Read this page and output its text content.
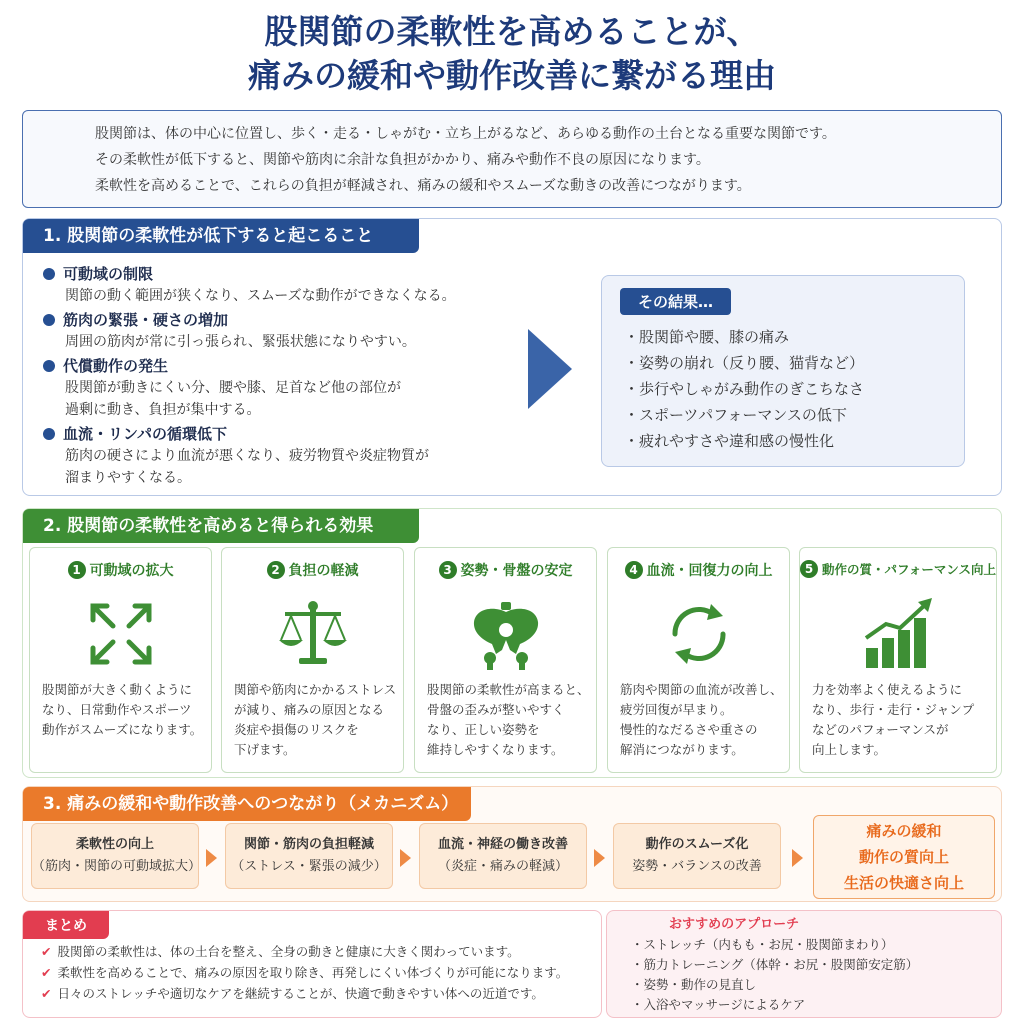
股関節の柔軟性を高めることが、
痛みの緩和や動作改善に繋がる理由
股関節は、体の中心に位置し、歩く・走る・しゃがむ・立ち上がるなど、あらゆる動作の土台となる重要な関節です。
その柔軟性が低下すると、関節や筋肉に余計な負担がかかり、痛みや動作不良の原因になります。
柔軟性を高めることで、これらの負担が軽減され、痛みの緩和やスムーズな動きの改善につながります。
1. 股関節の柔軟性が低下すると起こること
可動域の制限
関節の動く範囲が狭くなり、スムーズな動作ができなくなる。
筋肉の緊張・硬さの増加
周囲の筋肉が常に引っ張られ、緊張状態になりやすい。
代償動作の発生
股関節が動きにくい分、腰や膝、足首など他の部位が
過剰に動き、負担が集中する。
血流・リンパの循環低下
筋肉の硬さにより血流が悪くなり、疲労物質や炎症物質が
溜まりやすくなる。
その結果…
・股関節や腰、膝の痛み
・姿勢の崩れ（反り腰、猫背など）
・歩行やしゃがみ動作のぎこちなさ
・スポーツパフォーマンスの低下
・疲れやすさや違和感の慢性化
2. 股関節の柔軟性を高めると得られる効果
1 可動域の拡大
股関節が大きく動くように
なり、日常動作やスポーツ
動作がスムーズになります。
2 負担の軽減
関節や筋肉にかかるストレス
が減り、痛みの原因となる
炎症や損傷のリスクを
下げます。
3 姿勢・骨盤の安定
股関節の柔軟性が高まると、
骨盤の歪みが整いやすく
なり、正しい姿勢を
維持しやすくなります。
4 血流・回復力の向上
筋肉や関節の血流が改善し、
疲労回復が早まり。
慢性的なだるさや重さの
解消につながります。
5 動作の質・パフォーマンス向上
力を効率よく使えるように
なり、歩行・走行・ジャンプ
などのパフォーマンスが
向上します。
3. 痛みの緩和や動作改善へのつながり（メカニズム）
柔軟性の向上
（筋肉・関節の可動域拡大）
関節・筋肉の負担軽減
（ストレス・緊張の減少）
血流・神経の働き改善
（炎症・痛みの軽減）
動作のスムーズ化
姿勢・バランスの改善
痛みの緩和
動作の質向上
生活の快適さ向上
まとめ
✔ 股関節の柔軟性は、体の土台を整え、全身の動きと健康に大きく関わっています。
✔ 柔軟性を高めることで、痛みの原因を取り除き、再発しにくい体づくりが可能になります。
✔ 日々のストレッチや適切なケアを継続することが、快適で動きやすい体への近道です。
おすすめのアプローチ
・ストレッチ（内もも・お尻・股関節まわり）
・筋力トレーニング（体幹・お尻・股関節安定筋）
・姿勢・動作の見直し
・入浴やマッサージによるケア
